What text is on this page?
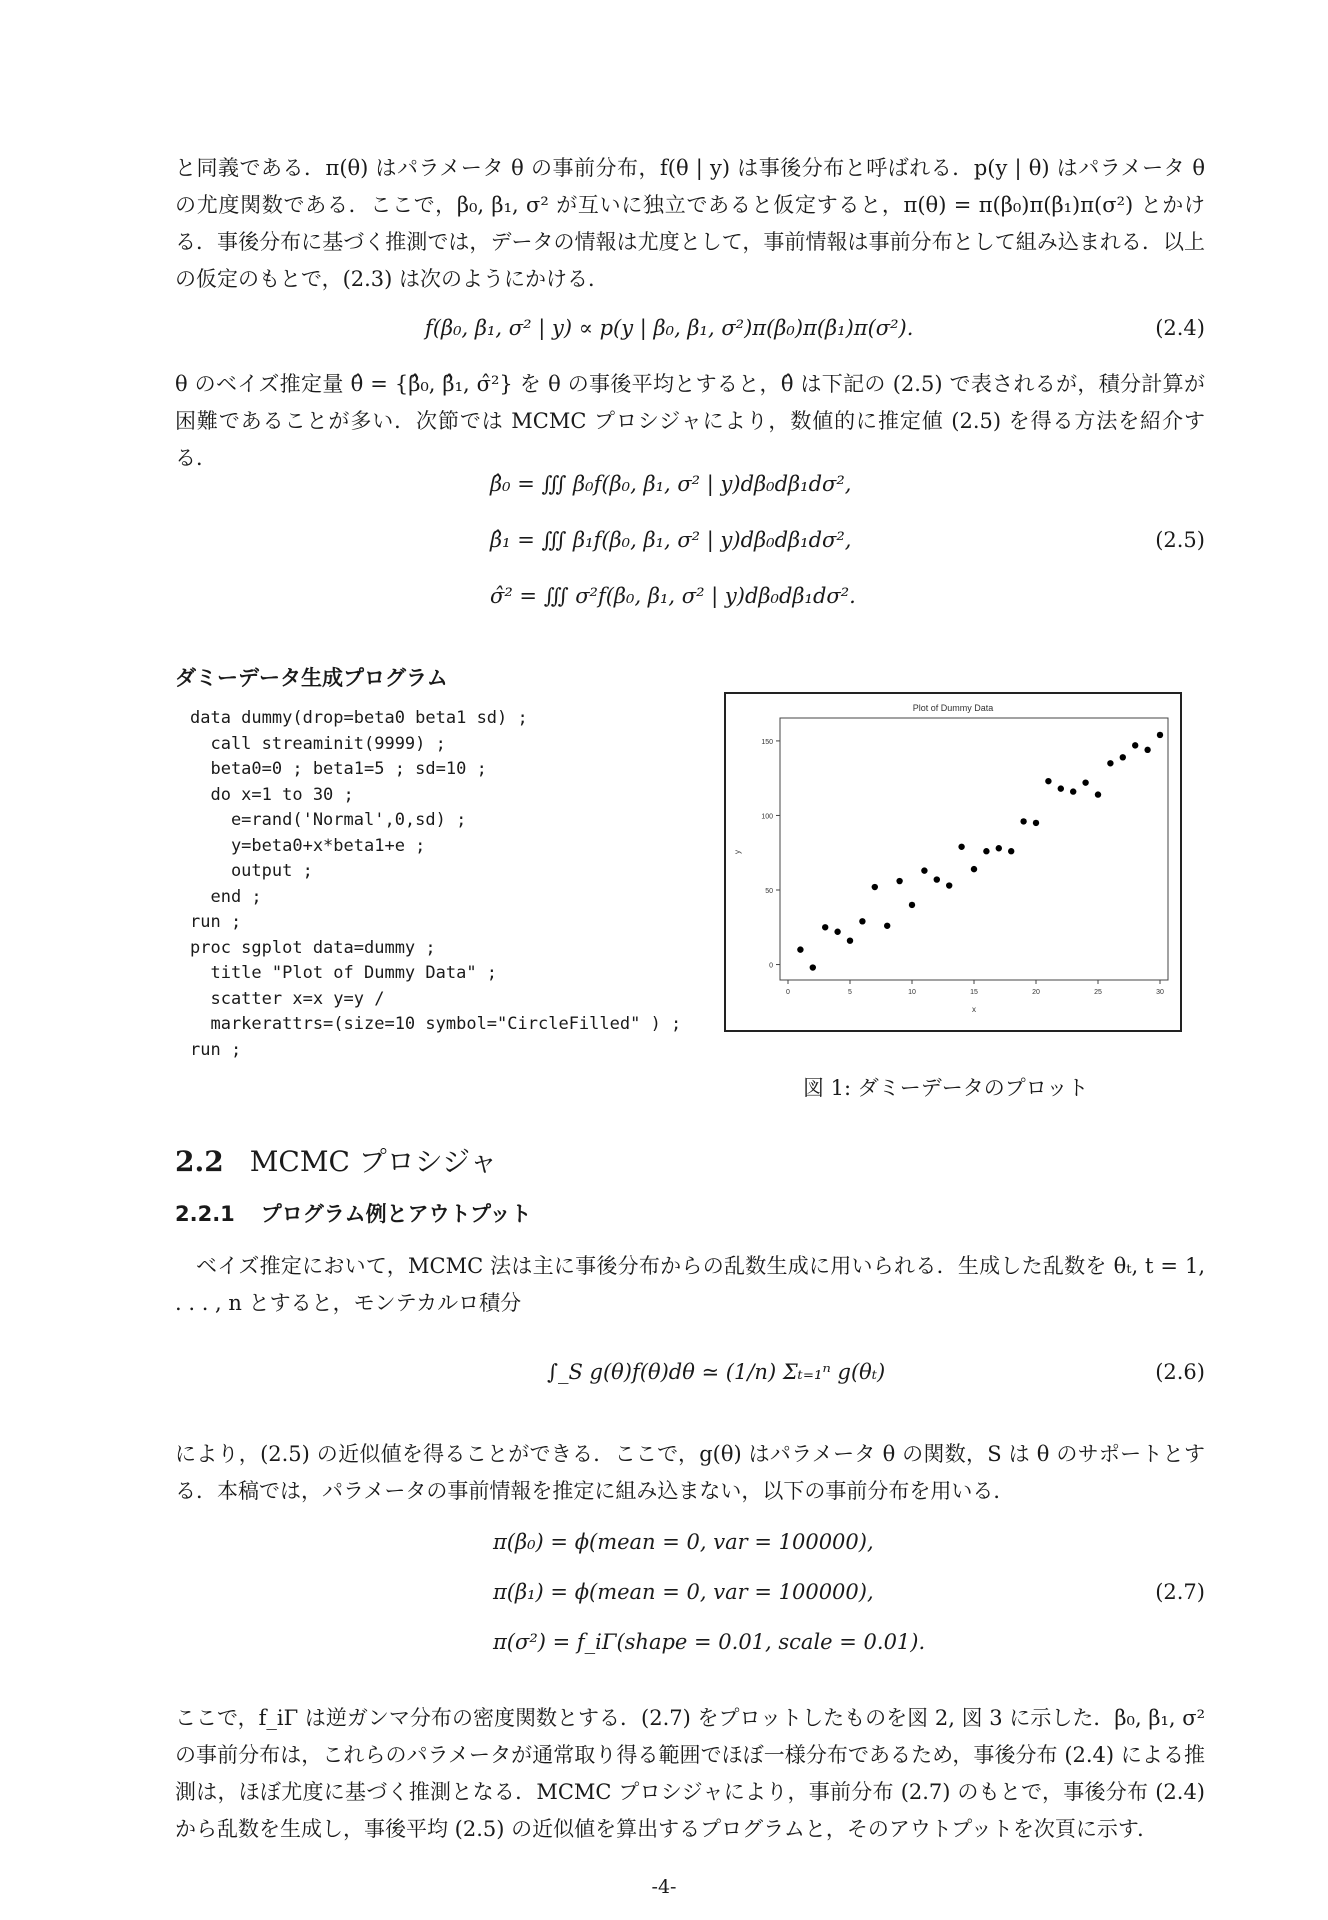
と同義である．π(θ) はパラメータ θ の事前分布，f(θ | y) は事後分布と呼ばれる．p(y | θ) はパラメータ θ の尤度関数である．ここで，β₀, β₁, σ² が互いに独立であると仮定すると，π(θ) = π(β₀)π(β₁)π(σ²) とかける．事後分布に基づく推測では，データの情報は尤度として，事前情報は事前分布として組み込まれる．以上の仮定のもとで，(2.3) は次のようにかける．

f(β₀, β₁, σ² | y) ∝ p(y | β₀, β₁, σ²)π(β₀)π(β₁)π(σ²).	(2.4)

θ のベイズ推定量 θ̂ = {β̂₀, β̂₁, σ̂²} を θ の事後平均とすると，θ̂ は下記の (2.5) で表されるが，積分計算が困難であることが多い．次節では MCMC プロシジャにより，数値的に推定値 (2.5) を得る方法を紹介する．

β̂₀ = ∭ β₀f(β₀, β₁, σ² | y)dβ₀dβ₁dσ²,
β̂₁ = ∭ β₁f(β₀, β₁, σ² | y)dβ₀dβ₁dσ²,
σ̂² = ∭ σ²f(β₀, β₁, σ² | y)dβ₀dβ₁dσ².
(2.5)
ダミーデータ生成プログラム
data dummy(drop=beta0 beta1 sd) ;
call streaminit(9999) ;
beta0=0 ; beta1=5 ; sd=10 ;
do x=1 to 30 ;
e=rand('Normal',0,sd) ;
y=beta0+x*beta1+e ;
output ;
end ;
run ;
proc sgplot data=dummy ;
title "Plot of Dummy Data" ;
scatter x=x y=y /
markerattrs=(size=10 symbol="CircleFilled" ) ;
run ;
Plot of Dummy Data
0	5	10	15	20	25	30
0
50
100
150
x
y

図 1: ダミーデータのプロット

2.2 MCMC プロシジャ
2.2.1 プログラム例とアウトプット

ベイズ推定において，MCMC 法は主に事後分布からの乱数生成に用いられる．生成した乱数を θₜ, t = 1, . . . , n とすると，モンテカルロ積分

∫_S g(θ)f(θ)dθ ≃ (1/n) Σₜ₌₁ⁿ g(θₜ)	(2.6)

により，(2.5) の近似値を得ることができる．ここで，g(θ) はパラメータ θ の関数，S は θ のサポートとする．本稿では，パラメータの事前情報を推定に組み込まない，以下の事前分布を用いる．

π(β₀) = ϕ(mean = 0, var = 100000),
π(β₁) = ϕ(mean = 0, var = 100000),
π(σ²) = f_iΓ(shape = 0.01, scale = 0.01).
(2.7)

ここで，f_iΓ は逆ガンマ分布の密度関数とする．(2.7) をプロットしたものを図 2, 図 3 に示した．β₀, β₁, σ² の事前分布は，これらのパラメータが通常取り得る範囲でほぼ一様分布であるため，事後分布 (2.4) による推測は，ほぼ尤度に基づく推測となる．MCMC プロシジャにより，事前分布 (2.7) のもとで，事後分布 (2.4) から乱数を生成し，事後平均 (2.5) の近似値を算出するプログラムと，そのアウトプットを次頁に示す．

-4-
